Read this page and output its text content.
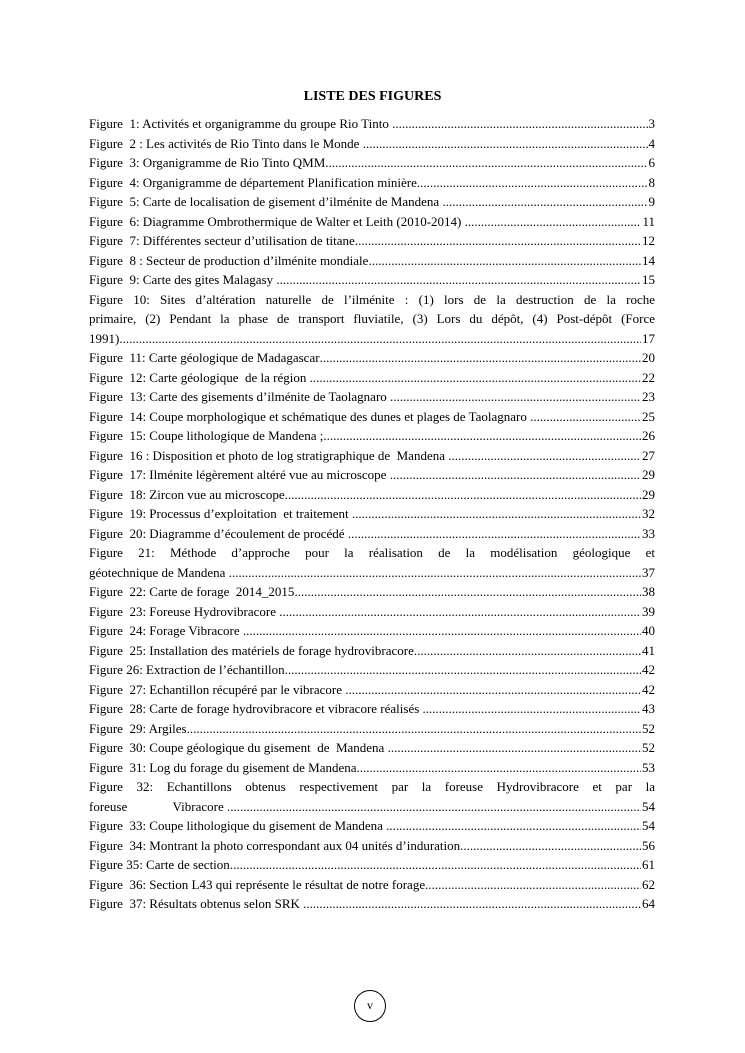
LISTE DES FIGURES
Figure  1: Activités et organigramme du groupe Rio Tinto .....	3
Figure  2 : Les activités de Rio Tinto dans le Monde .....	4
Figure  3: Organigramme de Rio Tinto QMM .....	6
Figure  4: Organigramme de département Planification minière .....	8
Figure  5: Carte de localisation de gisement d’ilménite de Mandena .....	9
Figure  6: Diagramme Ombrothermique de Walter et Leith (2010-2014) .....	11
Figure  7: Différentes secteur d’utilisation de titane .....	12
Figure  8 : Secteur de production d’ilménite mondiale .....	14
Figure  9: Carte des gites Malagasy .....	15
Figure 10: Sites d’altération naturelle de l’ilménite : (1) lors de la destruction de la roche
primaire, (2) Pendant la phase de transport fluviatile, (3) Lors du dépôt, (4) Post-dépôt (Force
1991) .....	17
Figure  11: Carte géologique de Madagascar .....	20
Figure  12: Carte géologique  de la région .....	22
Figure  13: Carte des gisements d’ilménite de Taolagnaro .....	23
Figure  14: Coupe morphologique et schématique des dunes et plages de Taolagnaro .....	25
Figure  15: Coupe lithologique de Mandena ; .....	26
Figure  16 : Disposition et photo de log stratigraphique de  Mandena .....	27
Figure  17: Ilménite légèrement altéré vue au microscope .....	29
Figure  18: Zircon vue au microscope .....	29
Figure  19: Processus d’exploitation  et traitement .....	32
Figure  20: Diagramme d’écoulement de procédé .....	33
Figure 21: Méthode d’approche pour la réalisation de la modélisation géologique et
géotechnique de Mandena .....	37
Figure  22: Carte de forage  2014_2015 .....	38
Figure  23: Foreuse Hydrovibracore .....	39
Figure  24: Forage Vibracore .....	40
Figure  25: Installation des matériels de forage hydrovibracore .....	41
Figure 26: Extraction de l’échantillon .....	42
Figure  27: Echantillon récupéré par le vibracore .....	42
Figure  28: Carte de forage hydrovibracore et vibracore réalisés .....	43
Figure  29: Argiles .....	52
Figure  30: Coupe géologique du gisement  de  Mandena .....	52
Figure  31: Log du forage du gisement de Mandena .....	53
Figure 32: Echantillons obtenus respectivement par la foreuse Hydrovibracore et par la
foreuse              Vibracore .....	54
Figure  33: Coupe lithologique du gisement de Mandena .....	54
Figure  34: Montrant la photo correspondant aux 04 unités d’induration .....	56
Figure 35: Carte de section .....	61
Figure  36: Section L43 qui représente le résultat de notre forage .....	62
Figure  37: Résultats obtenus selon SRK .....	64
v
